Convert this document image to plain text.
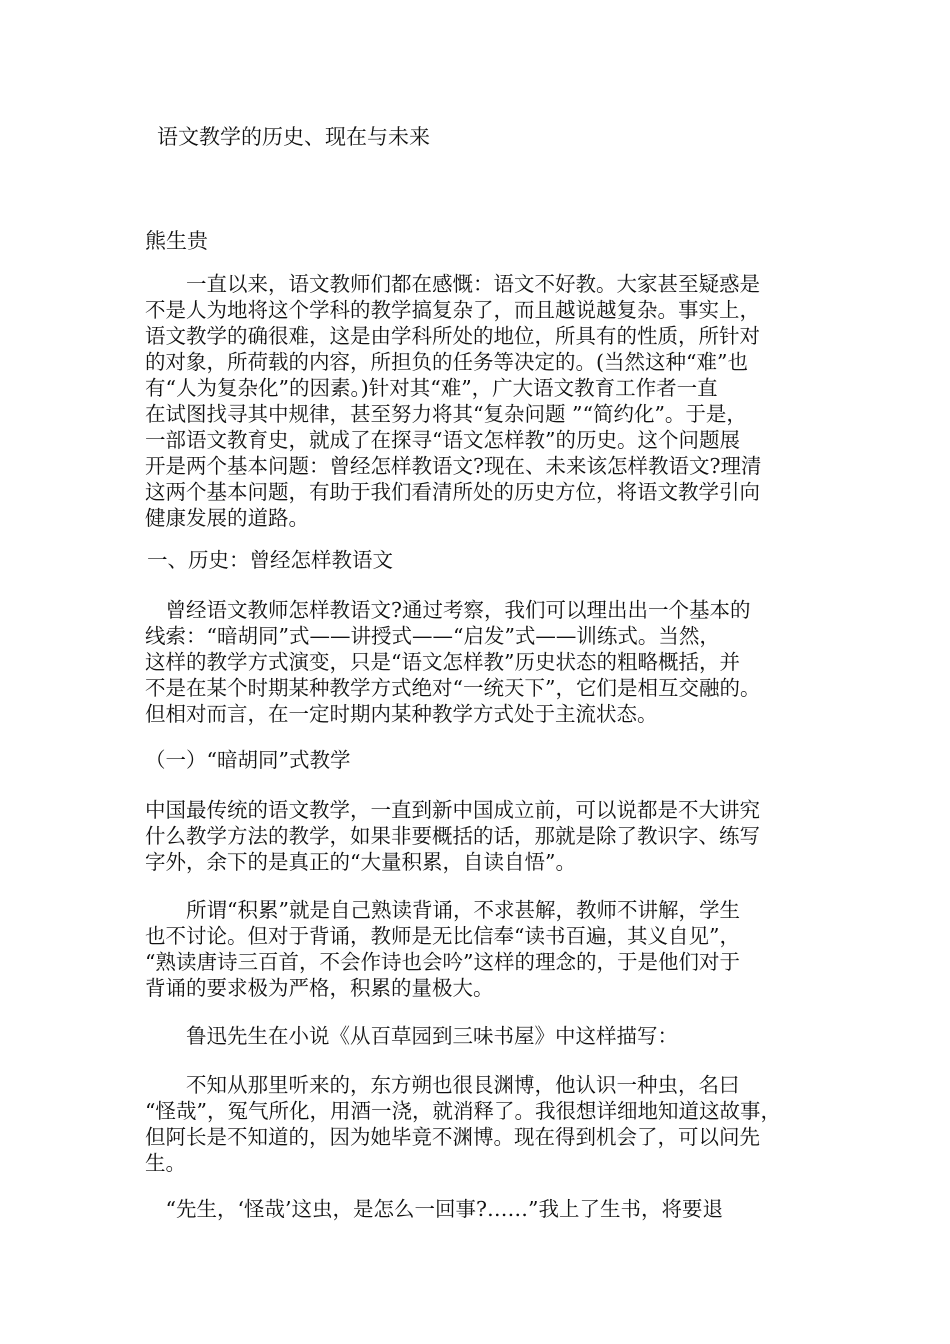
语文教学的历史、现在与未来
熊生贵
　　一直以来，语文教师们都在感慨：语文不好教。大家甚至疑惑是
不是人为地将这个学科的教学搞复杂了，而且越说越复杂。事实上，
语文教学的确很难，这是由学科所处的地位，所具有的性质，所针对
的对象，所荷载的内容，所担负的任务等决定的。(当然这种“难”也
有“人为复杂化”的因素。)针对其“难”，广大语文教育工作者一直
在试图找寻其中规律，甚至努力将其“复杂问题 ”“简约化”。于是，
一部语文教育史，就成了在探寻“语文怎样教”的历史。这个问题展
开是两个基本问题：曾经怎样教语文?现在、未来该怎样教语文?理清
这两个基本问题，有助于我们看清所处的历史方位，将语文教学引向
健康发展的道路。
一、历史：曾经怎样教语文
　曾经语文教师怎样教语文?通过考察，我们可以理出出一个基本的
线索：“暗胡同”式——讲授式——“启发”式——训练式。当然，
这样的教学方式演变，只是“语文怎样教”历史状态的粗略概括，并
不是在某个时期某种教学方式绝对“一统天下”，它们是相互交融的。
但相对而言，在一定时期内某种教学方式处于主流状态。
（一）“暗胡同”式教学
中国最传统的语文教学，一直到新中国成立前，可以说都是不大讲究
什么教学方法的教学，如果非要概括的话，那就是除了教识字、练写
字外，余下的是真正的“大量积累，自读自悟”。
　　所谓“积累”就是自己熟读背诵，不求甚解，教师不讲解，学生
也不讨论。但对于背诵，教师是无比信奉“读书百遍，其义自见”，
“熟读唐诗三百首，不会作诗也会吟”这样的理念的，于是他们对于
背诵的要求极为严格，积累的量极大。
　　鲁迅先生在小说《从百草园到三味书屋》中这样描写：
　　不知从那里听来的，东方朔也很艮渊博，他认识一种虫，名曰
“怪哉”，冤气所化，用酒一浇，就消释了。我很想详细地知道这故事，
但阿长是不知道的，因为她毕竟不渊博。现在得到机会了，可以问先
生。
　“先生，‘怪哉’这虫，是怎么一回事?……”我上了生书，将要退
